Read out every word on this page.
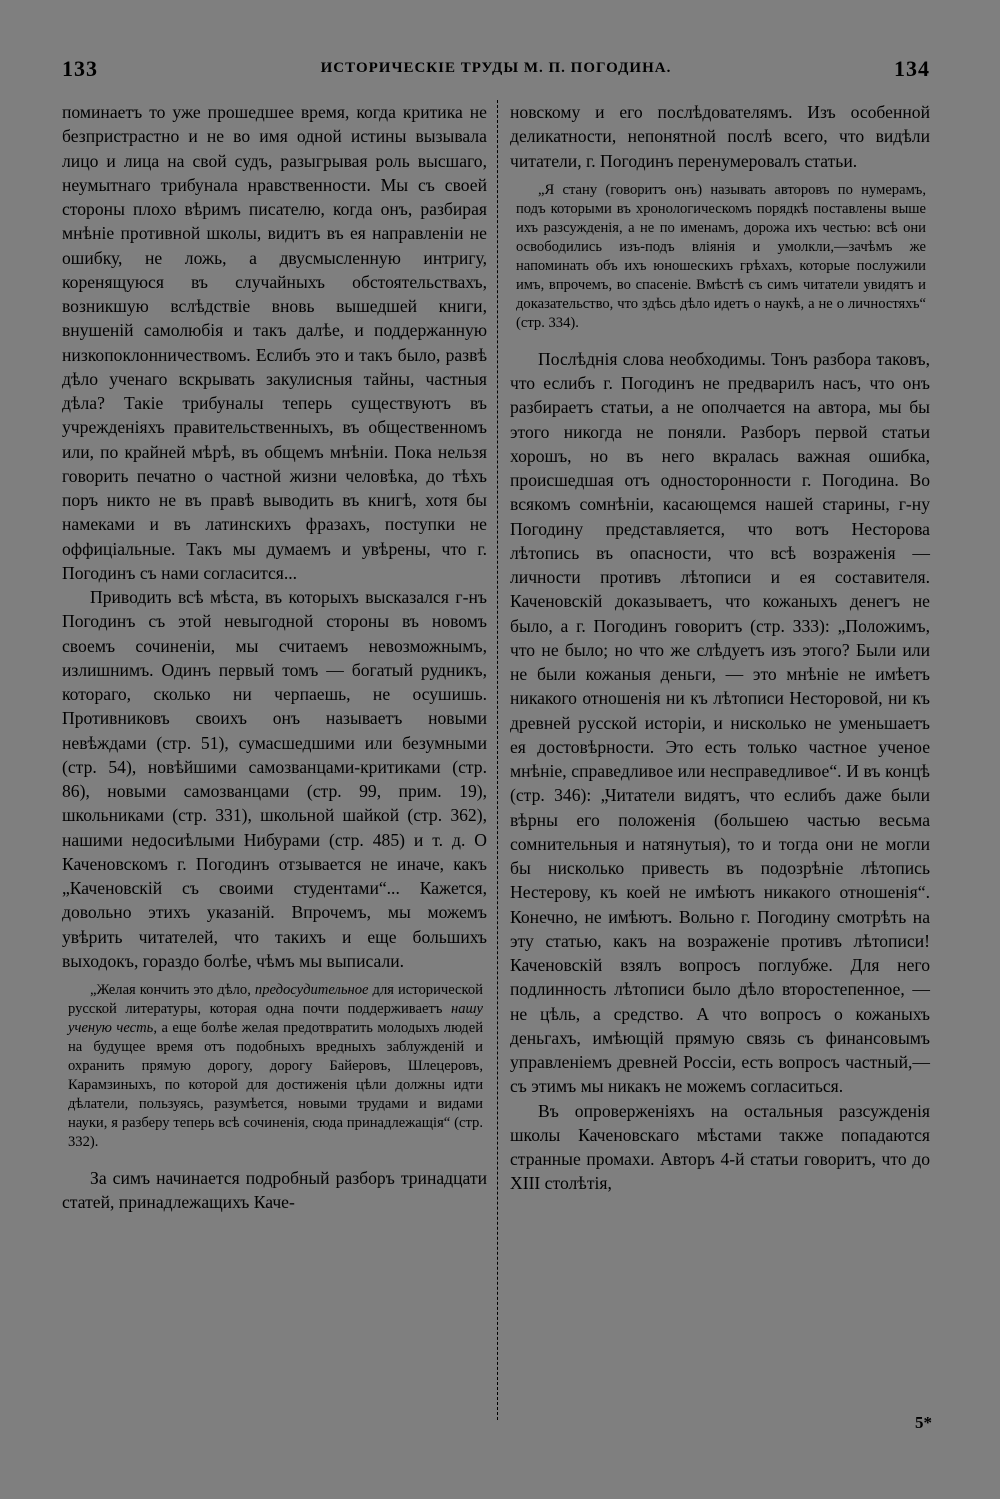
133	ИСТОРИЧЕСКІЕ ТРУДЫ М. П. ПОГОДИНА.	134

поминаетъ то уже прошедшее время, когда критика не безпристрастно и не во имя одной истины вызывала лицо и лица на свой судъ, разыгрывая роль высшаго, неумытнаго трибунала нравственности. Мы съ своей стороны плохо вѣримъ писателю, когда онъ, разбирая мнѣніе противной школы, видитъ въ ея направленіи не ошибку, не ложь, а двусмысленную интригу, коренящуюся въ случайныхъ обстоятельствахъ, возникшую вслѣдствіе вновь вышедшей книги, внушеній самолюбія и такъ далѣе, и поддержанную низкопоклонничествомъ. Еслибъ это и такъ было, развѣ дѣло ученаго вскрывать закулисныя тайны, частныя дѣла? Такіе трибуналы теперь существуютъ въ учрежденіяхъ правительственныхъ, въ общественномъ или, по крайней мѣрѣ, въ общемъ мнѣніи. Пока нельзя говорить печатно о частной жизни человѣка, до тѣхъ поръ никто не въ правѣ выводить въ книгѣ, хотя бы намеками и въ латинскихъ фразахъ, поступки не оффиціальные. Такъ мы думаемъ и увѣрены, что г. Погодинъ съ нами согласится...

Приводить всѣ мѣста, въ которыхъ высказался г-нъ Погодинъ съ этой невыгодной стороны въ новомъ своемъ сочиненіи, мы считаемъ невозможнымъ, излишнимъ. Одинъ первый томъ — богатый рудникъ, котораго, сколько ни черпаешь, не осушишь. Противниковъ своихъ онъ называетъ новыми невѣждами (стр. 51), сумасшедшими или безумными (стр. 54), новѣйшими самозванцами-критиками (стр. 86), новыми самозванцами (стр. 99, прим. 19), школьниками (стр. 331), школьной шайкой (стр. 362), нашими недосиѣлыми Нибурами (стр. 485) и т. д. О Каченовскомъ г. Погодинъ отзывается не иначе, какъ „Каченовскій съ своими студентами“... Кажется, довольно этихъ указаній. Впрочемъ, мы можемъ увѣрить читателей, что такихъ и еще большихъ выходокъ, гораздо болѣе, чѣмъ мы выписали.

„Желая кончить это дѣло, предосудительное для исторической русской литературы, которая одна почти поддерживаетъ нашу ученую честь, а еще болѣе желая предотвратить молодыхъ людей на будущее время отъ подобныхъ вредныхъ заблужденій и охранить прямую дорогу, дорогу Байеровъ, Шлецеровъ, Карамзиныхъ, по которой для достиженія цѣли должны идти дѣлатели, пользуясь, разумѣется, новыми трудами и видами науки, я разберу теперь всѣ сочиненія, сюда принадлежащія“ (стр. 332).

За симъ начинается подробный разборъ тринадцати статей, принадлежащихъ Каче-

новскому и его послѣдователямъ. Изъ особенной деликатности, непонятной послѣ всего, что видѣли читатели, г. Погодинъ перенумеровалъ статьи.

„Я стану (говоритъ онъ) называть авторовъ по нумерамъ, подъ которыми въ хронологическомъ порядкѣ поставлены выше ихъ разсужденія, а не по именамъ, дорожа ихъ честью: всѣ они освободились изъ-подъ вліянія и умолкли,—зачѣмъ же напоминать объ ихъ юношескихъ грѣхахъ, которые послужили имъ, впрочемъ, во спасеніе. Вмѣстѣ съ симъ читатели увидятъ и доказательство, что здѣсь дѣло идетъ о наукѣ, а не о личностяхъ“ (стр. 334).

Послѣднія слова необходимы. Тонъ разбора таковъ, что еслибъ г. Погодинъ не предварилъ насъ, что онъ разбираетъ статьи, а не ополчается на автора, мы бы этого никогда не поняли. Разборъ первой статьи хорошъ, но въ него вкралась важная ошибка, происшедшая отъ односторонности г. Погодина. Во всякомъ сомнѣніи, касающемся нашей старины, г-ну Погодину представляется, что вотъ Несторова лѣтопись въ опасности, что всѣ возраженія — личности противъ лѣтописи и ея составителя. Каченовскій доказываетъ, что кожаныхъ денегъ не было, а г. Погодинъ говоритъ (стр. 333): „Положимъ, что не было; но что же слѣдуетъ изъ этого? Были или не были кожаныя деньги, — это мнѣніе не имѣетъ никакого отношенія ни къ лѣтописи Несторовой, ни къ древней русской исторіи, и нисколько не уменьшаетъ ея достовѣрности. Это есть только частное ученое мнѣніе, справедливое или несправедливое“. И въ концѣ (стр. 346): „Читатели видятъ, что еслибъ даже были вѣрны его положенія (большею частью весьма сомнительныя и натянутыя), то и тогда они не могли бы нисколько привесть въ подозрѣніе лѣтопись Нестерову, къ коей не имѣютъ никакого отношенія“. Конечно, не имѣютъ. Вольно г. Погодину смотрѣть на эту статью, какъ на возраженіе противъ лѣтописи! Каченовскій взялъ вопросъ поглубже. Для него подлинность лѣтописи было дѣло второстепенное, — не цѣль, а средство. А что вопросъ о кожаныхъ деньгахъ, имѣющій прямую связь съ финансовымъ управленіемъ древней Россіи, есть вопросъ частный,—съ этимъ мы никакъ не можемъ согласиться.

Въ опроверженіяхъ на остальныя разсужденія школы Каченовскаго мѣстами также попадаются странные промахи. Авторъ 4-й статьи говоритъ, что до XIII столѣтія,

5*
